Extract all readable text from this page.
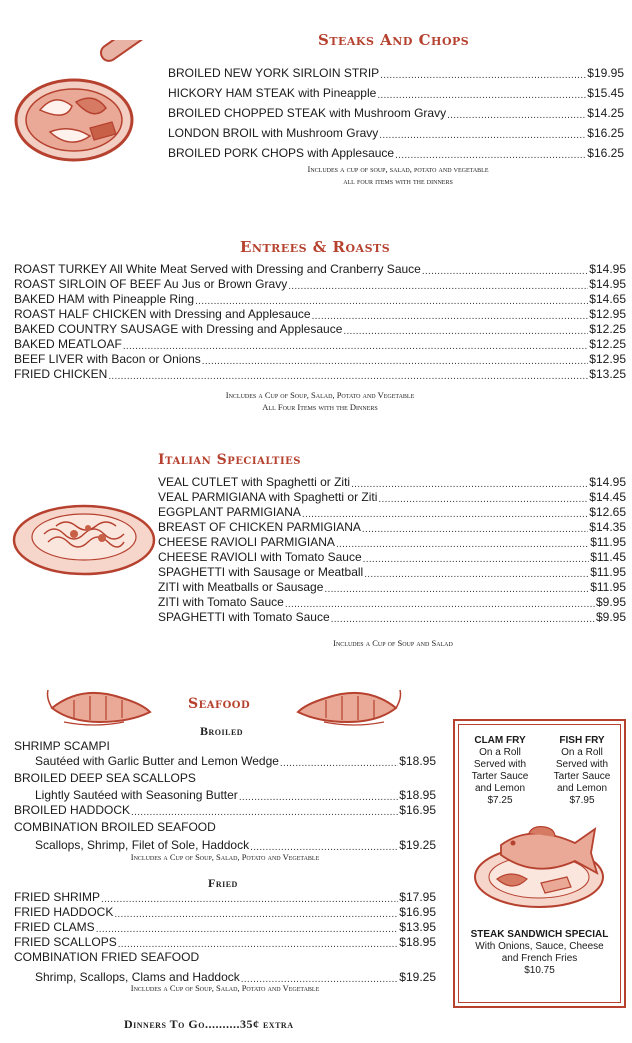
Steaks And Chops
BROILED NEW YORK SIRLOIN STRIP .....	$19.95
HICKORY HAM STEAK with Pineapple .....	$15.45
BROILED CHOPPED STEAK with Mushroom Gravy .....	$14.25
LONDON BROIL with Mushroom Gravy .....	$16.25
BROILED PORK CHOPS with Applesauce .....	$16.25
Includes a cup of soup, salad, potato and vegetable
all four items with the dinners
Entrees & Roasts
ROAST TURKEY All White Meat Served with Dressing and Cranberry Sauce .....	$14.95
ROAST SIRLOIN OF BEEF Au Jus or Brown Gravy .....	$14.95
BAKED HAM with Pineapple Ring .....	$14.65
ROAST HALF CHICKEN with Dressing and Applesauce .....	$12.95
BAKED COUNTRY SAUSAGE with Dressing and Applesauce .....	$12.25
BAKED MEATLOAF .....	$12.25
BEEF LIVER with Bacon or Onions .....	$12.95
FRIED CHICKEN .....	$13.25
Includes a Cup of Soup, Salad, Potato and Vegetable
All Four Items with the Dinners
Italian Specialties
VEAL CUTLET with Spaghetti or Ziti .....	$14.95
VEAL PARMIGIANA with Spaghetti or Ziti .....	$14.45
EGGPLANT PARMIGIANA .....	$12.65
BREAST OF CHICKEN PARMIGIANA .....	$14.35
CHEESE RAVIOLI PARMIGIANA .....	$11.95
CHEESE RAVIOLI with Tomato Sauce .....	$11.45
SPAGHETTI with Sausage or Meatball .....	$11.95
ZITI with Meatballs or Sausage .....	$11.95
ZITI with Tomato Sauce .....	$9.95
SPAGHETTI with Tomato Sauce .....	$9.95
Includes a Cup of Soup and Salad
Seafood
Broiled
SHRIMP SCAMPI
Sautéed with Garlic Butter and Lemon Wedge .....	$18.95
BROILED DEEP SEA SCALLOPS
Lightly Sautéed with Seasoning Butter .....	$18.95
BROILED HADDOCK .....	$16.95
COMBINATION BROILED SEAFOOD
Scallops, Shrimp, Filet of Sole, Haddock .....	$19.25
Includes a Cup of Soup, Salad, Potato and Vegetable
Fried
FRIED SHRIMP .....	$17.95
FRIED HADDOCK .....	$16.95
FRIED CLAMS .....	$13.95
FRIED SCALLOPS .....	$18.95
COMBINATION FRIED SEAFOOD
Shrimp, Scallops, Clams and Haddock .....	$19.25
Includes a Cup of Soup, Salad, Potato and Vegetable
CLAM FRY
On a Roll
Served with
Tarter Sauce
and Lemon
$7.25
FISH FRY
On a Roll
Served with
Tarter Sauce
and Lemon
$7.95
STEAK SANDWICH SPECIAL
With Onions, Sauce, Cheese
and French Fries
$10.75
Dinners To Go..........35¢ extra
